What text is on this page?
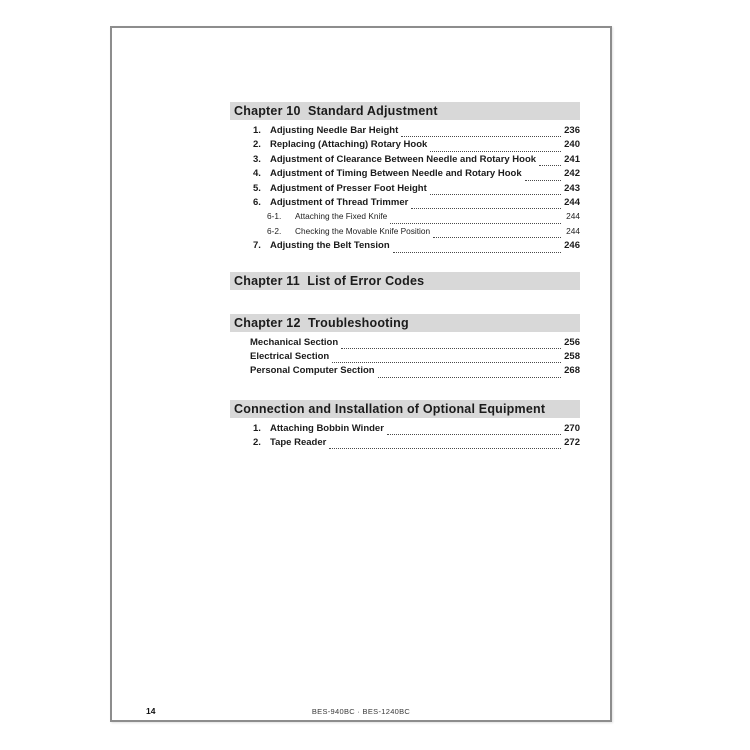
Chapter 10  Standard Adjustment
1. Adjusting Needle Bar Height	236
2. Replacing (Attaching) Rotary Hook	240
3. Adjustment of Clearance Between Needle and Rotary Hook	241
4. Adjustment of Timing Between Needle and Rotary Hook	242
5. Adjustment of Presser Foot Height	243
6. Adjustment of Thread Trimmer	244
6-1.	Attaching the Fixed Knife	244
6-2.	Checking the Movable Knife Position	244
7. Adjusting the Belt Tension	246
Chapter 11  List of Error Codes
Chapter 12  Troubleshooting
Mechanical Section	256
Electrical Section	258
Personal Computer Section	268
Connection and Installation of Optional Equipment
1. Attaching Bobbin Winder	270
2. Tape Reader	272
14	BES-940BC · BES-1240BC
